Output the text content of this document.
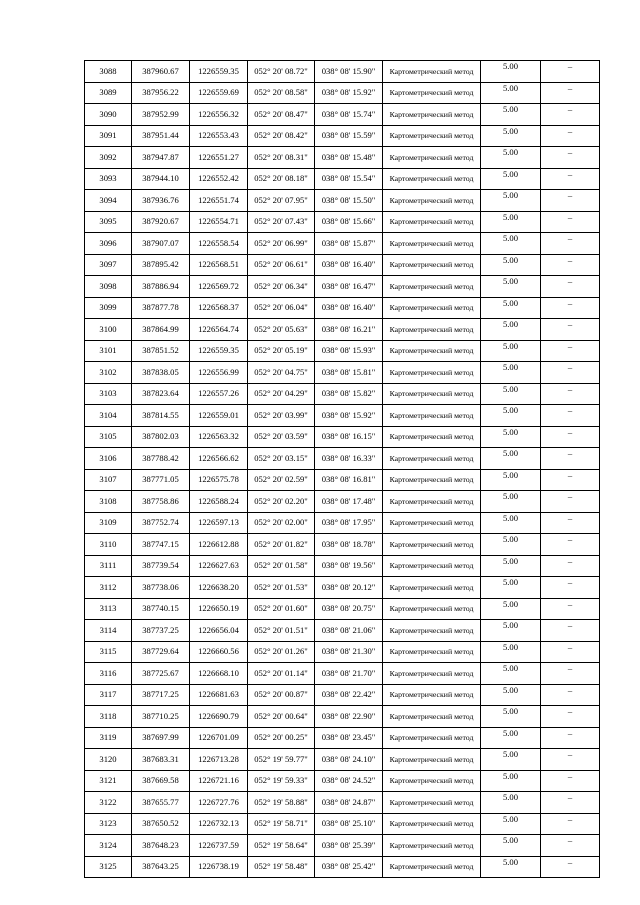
3088	387960.67	1226559.35	052° 20' 08.72"	038° 08' 15.90"	Картометрический метод	5.00	–
3089	387956.22	1226559.69	052° 20' 08.58"	038° 08' 15.92"	Картометрический метод	5.00	–
3090	387952.99	1226556.32	052° 20' 08.47"	038° 08' 15.74"	Картометрический метод	5.00	–
3091	387951.44	1226553.43	052° 20' 08.42"	038° 08' 15.59"	Картометрический метод	5.00	–
3092	387947.87	1226551.27	052° 20' 08.31"	038° 08' 15.48"	Картометрический метод	5.00	–
3093	387944.10	1226552.42	052° 20' 08.18"	038° 08' 15.54"	Картометрический метод	5.00	–
3094	387936.76	1226551.74	052° 20' 07.95"	038° 08' 15.50"	Картометрический метод	5.00	–
3095	387920.67	1226554.71	052° 20' 07.43"	038° 08' 15.66"	Картометрический метод	5.00	–
3096	387907.07	1226558.54	052° 20' 06.99"	038° 08' 15.87"	Картометрический метод	5.00	–
3097	387895.42	1226568.51	052° 20' 06.61"	038° 08' 16.40"	Картометрический метод	5.00	–
3098	387886.94	1226569.72	052° 20' 06.34"	038° 08' 16.47"	Картометрический метод	5.00	–
3099	387877.78	1226568.37	052° 20' 06.04"	038° 08' 16.40"	Картометрический метод	5.00	–
3100	387864.99	1226564.74	052° 20' 05.63"	038° 08' 16.21"	Картометрический метод	5.00	–
3101	387851.52	1226559.35	052° 20' 05.19"	038° 08' 15.93"	Картометрический метод	5.00	–
3102	387838.05	1226556.99	052° 20' 04.75"	038° 08' 15.81"	Картометрический метод	5.00	–
3103	387823.64	1226557.26	052° 20' 04.29"	038° 08' 15.82"	Картометрический метод	5.00	–
3104	387814.55	1226559.01	052° 20' 03.99"	038° 08' 15.92"	Картометрический метод	5.00	–
3105	387802.03	1226563.32	052° 20' 03.59"	038° 08' 16.15"	Картометрический метод	5.00	–
3106	387788.42	1226566.62	052° 20' 03.15"	038° 08' 16.33"	Картометрический метод	5.00	–
3107	387771.05	1226575.78	052° 20' 02.59"	038° 08' 16.81"	Картометрический метод	5.00	–
3108	387758.86	1226588.24	052° 20' 02.20"	038° 08' 17.48"	Картометрический метод	5.00	–
3109	387752.74	1226597.13	052° 20' 02.00"	038° 08' 17.95"	Картометрический метод	5.00	–
3110	387747.15	1226612.88	052° 20' 01.82"	038° 08' 18.78"	Картометрический метод	5.00	–
3111	387739.54	1226627.63	052° 20' 01.58"	038° 08' 19.56"	Картометрический метод	5.00	–
3112	387738.06	1226638.20	052° 20' 01.53"	038° 08' 20.12"	Картометрический метод	5.00	–
3113	387740.15	1226650.19	052° 20' 01.60"	038° 08' 20.75"	Картометрический метод	5.00	–
3114	387737.25	1226656.04	052° 20' 01.51"	038° 08' 21.06"	Картометрический метод	5.00	–
3115	387729.64	1226660.56	052° 20' 01.26"	038° 08' 21.30"	Картометрический метод	5.00	–
3116	387725.67	1226668.10	052° 20' 01.14"	038° 08' 21.70"	Картометрический метод	5.00	–
3117	387717.25	1226681.63	052° 20' 00.87"	038° 08' 22.42"	Картометрический метод	5.00	–
3118	387710.25	1226690.79	052° 20' 00.64"	038° 08' 22.90"	Картометрический метод	5.00	–
3119	387697.99	1226701.09	052° 20' 00.25"	038° 08' 23.45"	Картометрический метод	5.00	–
3120	387683.31	1226713.28	052° 19' 59.77"	038° 08' 24.10"	Картометрический метод	5.00	–
3121	387669.58	1226721.16	052° 19' 59.33"	038° 08' 24.52"	Картометрический метод	5.00	–
3122	387655.77	1226727.76	052° 19' 58.88"	038° 08' 24.87"	Картометрический метод	5.00	–
3123	387650.52	1226732.13	052° 19' 58.71"	038° 08' 25.10"	Картометрический метод	5.00	–
3124	387648.23	1226737.59	052° 19' 58.64"	038° 08' 25.39"	Картометрический метод	5.00	–
3125	387643.25	1226738.19	052° 19' 58.48"	038° 08' 25.42"	Картометрический метод	5.00	–
